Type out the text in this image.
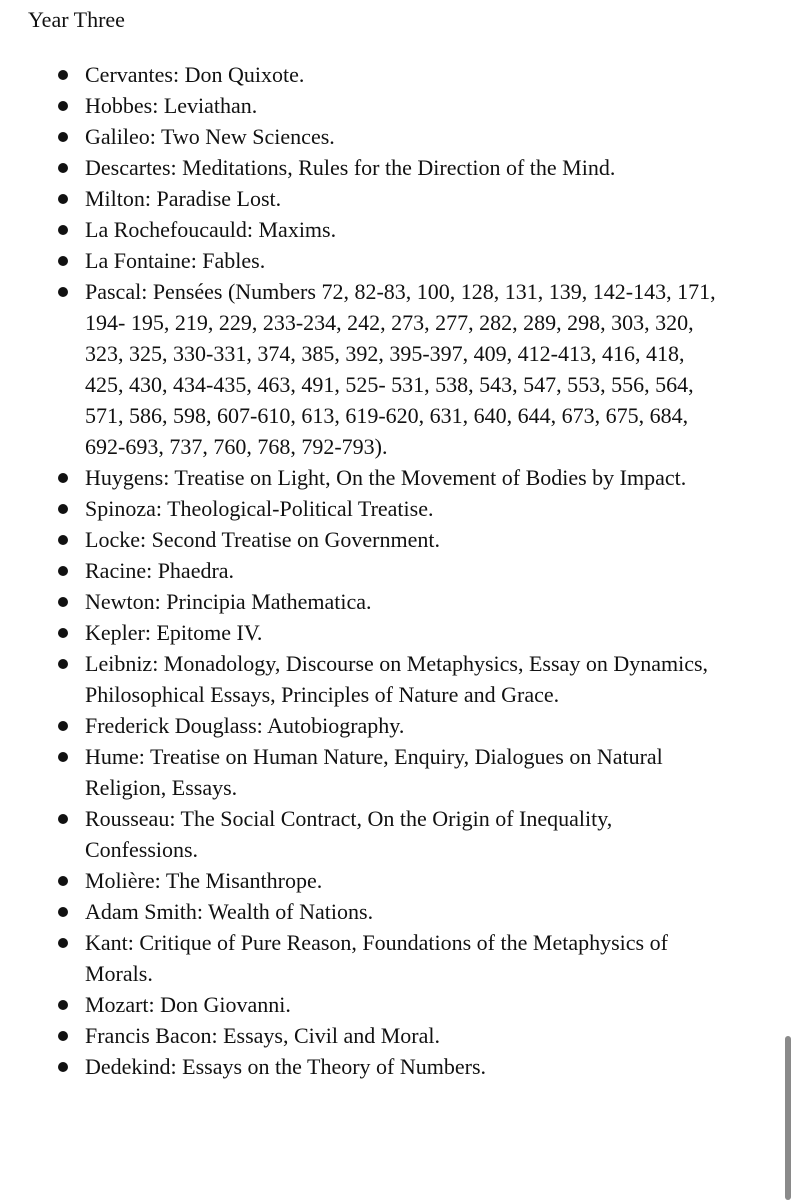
Year Three
Cervantes: Don Quixote.
Hobbes: Leviathan.
Galileo: Two New Sciences.
Descartes: Meditations, Rules for the Direction of the Mind.
Milton: Paradise Lost.
La Rochefoucauld: Maxims.
La Fontaine: Fables.
Pascal: Pensées (Numbers 72, 82-83, 100, 128, 131, 139, 142-143, 171, 194- 195, 219, 229, 233-234, 242, 273, 277, 282, 289, 298, 303, 320, 323, 325, 330-331, 374, 385, 392, 395-397, 409, 412-413, 416, 418, 425, 430, 434-435, 463, 491, 525- 531, 538, 543, 547, 553, 556, 564, 571, 586, 598, 607-610, 613, 619-620, 631, 640, 644, 673, 675, 684, 692-693, 737, 760, 768, 792-793).
Huygens: Treatise on Light, On the Movement of Bodies by Impact.
Spinoza: Theological-Political Treatise.
Locke: Second Treatise on Government.
Racine: Phaedra.
Newton: Principia Mathematica.
Kepler: Epitome IV.
Leibniz: Monadology, Discourse on Metaphysics, Essay on Dynamics, Philosophical Essays, Principles of Nature and Grace.
Frederick Douglass: Autobiography.
Hume: Treatise on Human Nature, Enquiry, Dialogues on Natural Religion, Essays.
Rousseau: The Social Contract, On the Origin of Inequality, Confessions.
Molière: The Misanthrope.
Adam Smith: Wealth of Nations.
Kant: Critique of Pure Reason, Foundations of the Metaphysics of Morals.
Mozart: Don Giovanni.
Francis Bacon: Essays, Civil and Moral.
Dedekind: Essays on the Theory of Numbers.
